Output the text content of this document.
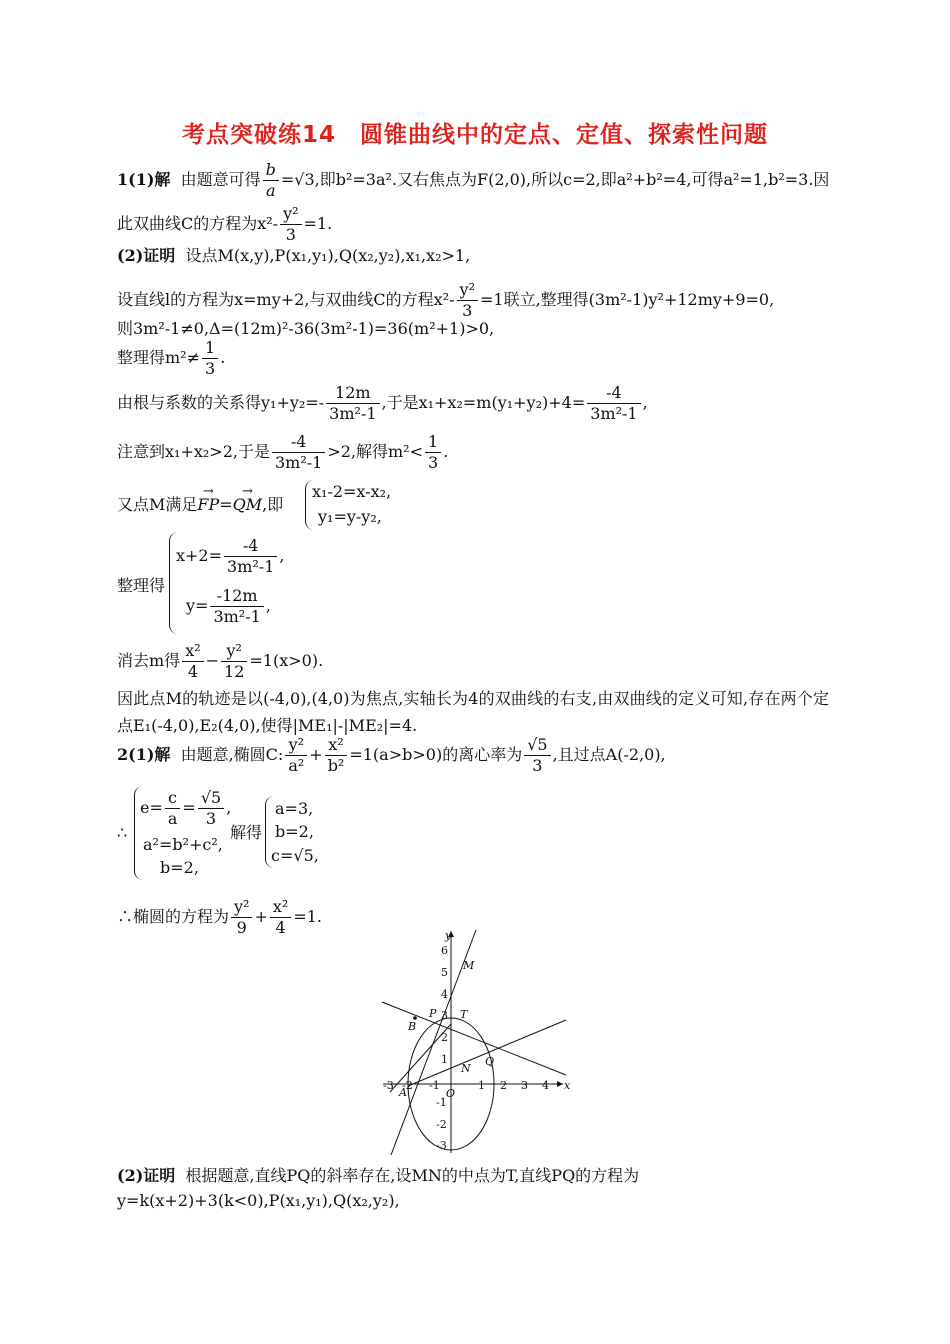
考点突破练14　圆锥曲线中的定点、定值、探索性问题
1(1)解 由题意可得 $\frac{b}{a} =√3$,即b²=3a².又右焦点为F(2,0),所以c=2,即a²+b²=4,可得a²=1,b²=3.因
此双曲线C的方程为$x^2- \frac{\text{y²}}{3} =1$.
(2)证明 设点M(x,y),P(x₁,y₁),Q(x₂,y₂),x₁,x₂>1,
设直线l的方程为x=my+2,与双曲线C的方程$x^2- \frac{\text{y²}}{3} =1$联立,整理得(3m²-1)y²+12my+9=0,
则3m²-1≠0,Δ=(12m)²-36(3m²-1)=36(m²+1)>0,
整理得$m^2\ne \frac{1}{3}$ .
由根与系数的关系得$y_1+y_2=- \frac{12m}{\text{3m²-1}}$ ,于是$x_1+x_2=m(y_1+y_2)+4= \frac{-4}{\text{3m²-1}}$ ,
注意到x₁+x₂>2,于是 $\frac{-4}{\text{3m²-1}} >2$,解得$m^2< \frac{1}{3}$ .
又点M满足→ FP=→ QM,即
x₁-2=x-x₂,
y₁=y-y₂,
整理得
$x+2= \frac{-4}{\text{3m²-1}}$ ,
$y= \frac{-12m}{\text{3m²-1}}$ ,
消去m得 $\frac{\text{x²}}{4} - \frac{\text{y²}}{12} =1(x>0)$.
因此点M的轨迹是以(-4,0),(4,0)为焦点,实轴长为4的双曲线的右支,由双曲线的定义可知,存在两个定点E₁(-4,0),E₂(4,0),使得|ME₁|-|ME₂|=4.
2(1)解 由题意,椭圆C: $\frac{\text{y²}}{\text{a²}} + \frac{\text{x²}}{\text{b²}} =1(a>b>0)$的离心率为 $\frac{√5}{3}$ ,且过点A(-2,0),
∴
$e= \frac{c}{a} = \frac{√5}{3}$ ,
a²=b²+c²,
b=2,
解得
a=3,
b=2,
c=√5,
∴椭圆的方程为 $\frac{\text{y²}}{9} + \frac{\text{x²}}{4} =1$.
x
y
O
-3 -2 -1	1 2 3 4
6
5
4
3
2
1
-1
-2
-3
M
T
P
B
Q
N
A
(2)证明 根据题意,直线PQ的斜率存在,设MN的中点为T,直线PQ的方程为
y=k(x+2)+3(k<0),P(x₁,y₁),Q(x₂,y₂),
